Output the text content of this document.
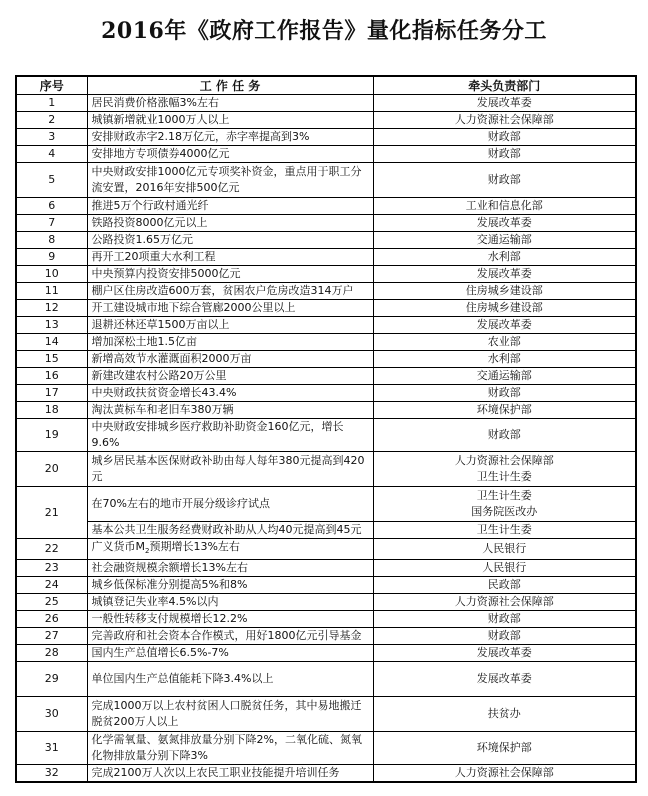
2016年《政府工作报告》量化指标任务分工
序号	工 作 任 务	牵头负责部门
1	居民消费价格涨幅3%左右	发展改革委

2	城镇新增就业1000万人以上	人力资源社会保障部

3	安排财政赤字2.18万亿元，赤字率提高到3%	财政部

4	安排地方专项债券4000亿元	财政部

5	中央财政安排1000亿元专项奖补资金，重点用于职工分流安置，2016年安排500亿元	财政部

6	推进5万个行政村通光纤	工业和信息化部

7	铁路投资8000亿元以上	发展改革委

8	公路投资1.65万亿元	交通运输部

9	再开工20项重大水利工程	水利部

10	中央预算内投资安排5000亿元	发展改革委

11	棚户区住房改造600万套，贫困农户危房改造314万户	住房城乡建设部

12	开工建设城市地下综合管廊2000公里以上	住房城乡建设部

13	退耕还林还草1500万亩以上	发展改革委

14	增加深松土地1.5亿亩	农业部

15	新增高效节水灌溉面积2000万亩	水利部

16	新建改建农村公路20万公里	交通运输部

17	中央财政扶贫资金增长43.4%	财政部

18	淘汰黄标车和老旧车380万辆	环境保护部

19	中央财政安排城乡医疗救助补助资金160亿元，增长9.6%	财政部

20	城乡居民基本医保财政补助由每人每年380元提高到420元	人力资源社会保障部
卫生计生委

21	在70%左右的地市开展分级诊疗试点	卫生计生委
国务院医改办

	基本公共卫生服务经费财政补助从人均40元提高到45元	卫生计生委

22	广义货币$M_2$预期增长13%左右	人民银行

23	社会融资规模余额增长13%左右	人民银行

24	城乡低保标准分别提高5%和8%	民政部

25	城镇登记失业率4.5%以内	人力资源社会保障部

26	一般性转移支付规模增长12.2%	财政部

27	完善政府和社会资本合作模式，用好1800亿元引导基金	财政部

28	国内生产总值增长6.5%-7%	发展改革委

29	单位国内生产总值能耗下降3.4%以上	发展改革委

30	完成1000万以上农村贫困人口脱贫任务，其中易地搬迁脱贫200万人以上	扶贫办

31	化学需氧量、氨氮排放量分别下降2%，二氧化硫、氮氧化物排放量分别下降3%	环境保护部

32	完成2100万人次以上农民工职业技能提升培训任务	人力资源社会保障部
